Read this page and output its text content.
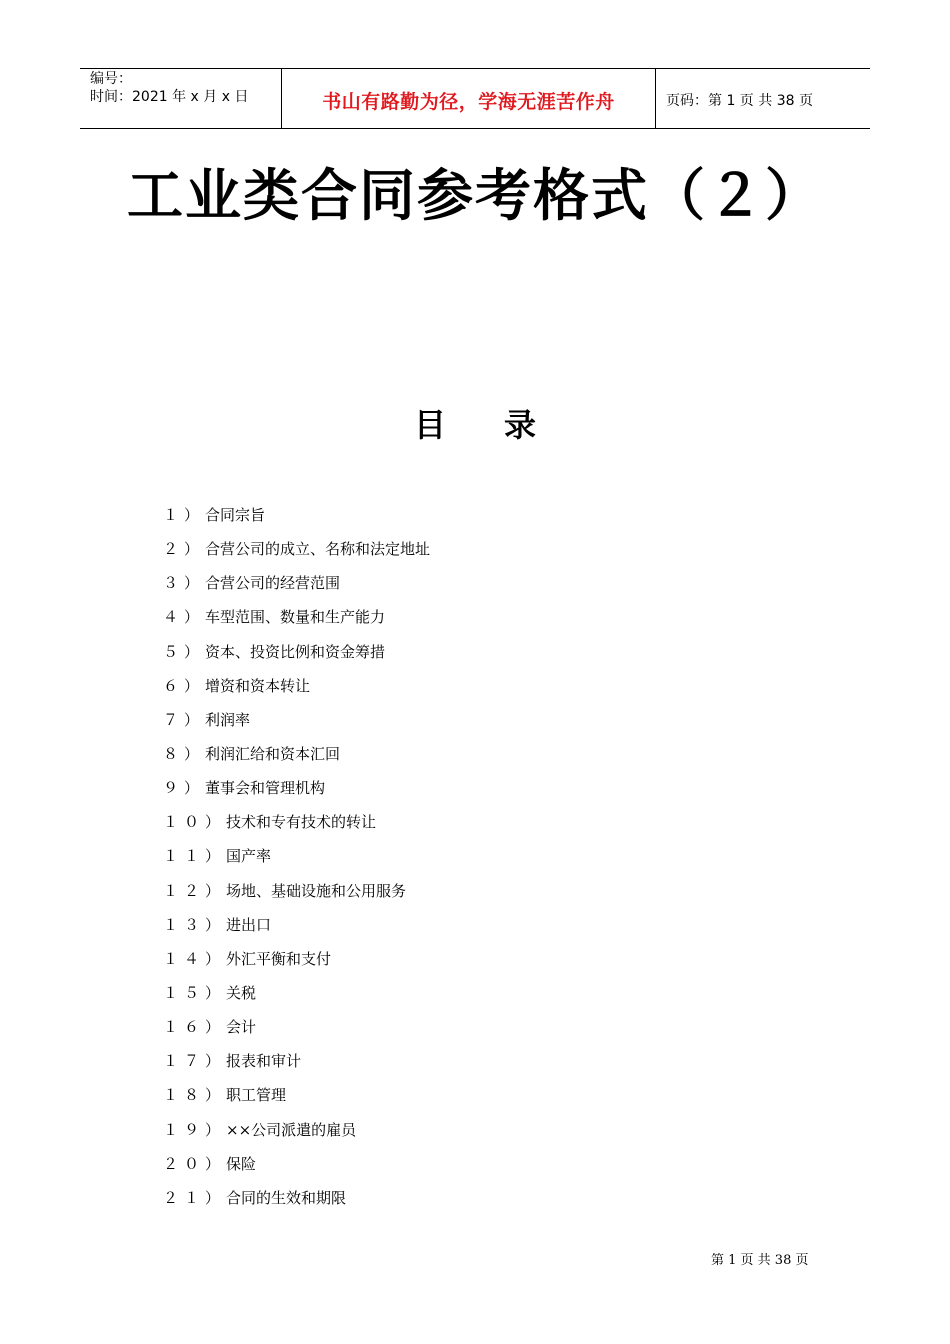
编号：
时间：2021 年 x 月 x 日	书山有路勤为径，学海无涯苦作舟	页码：第 1 页 共 38 页
工业类合同参考格式（２）
目 录
１）合同宗旨
２）合营公司的成立、名称和法定地址
３）合营公司的经营范围
４）车型范围、数量和生产能力
５）资本、投资比例和资金筹措
６）增资和资本转让
７）利润率
８）利润汇给和资本汇回
９）董事会和管理机构
１０）技术和专有技术的转让
１１）国产率
１２）场地、基础设施和公用服务
１３）进出口
１４）外汇平衡和支付
１５）关税
１６）会计
１７）报表和审计
１８）职工管理
１９）××公司派遣的雇员
２０）保险
２１）合同的生效和期限
第 1 页 共 38 页
